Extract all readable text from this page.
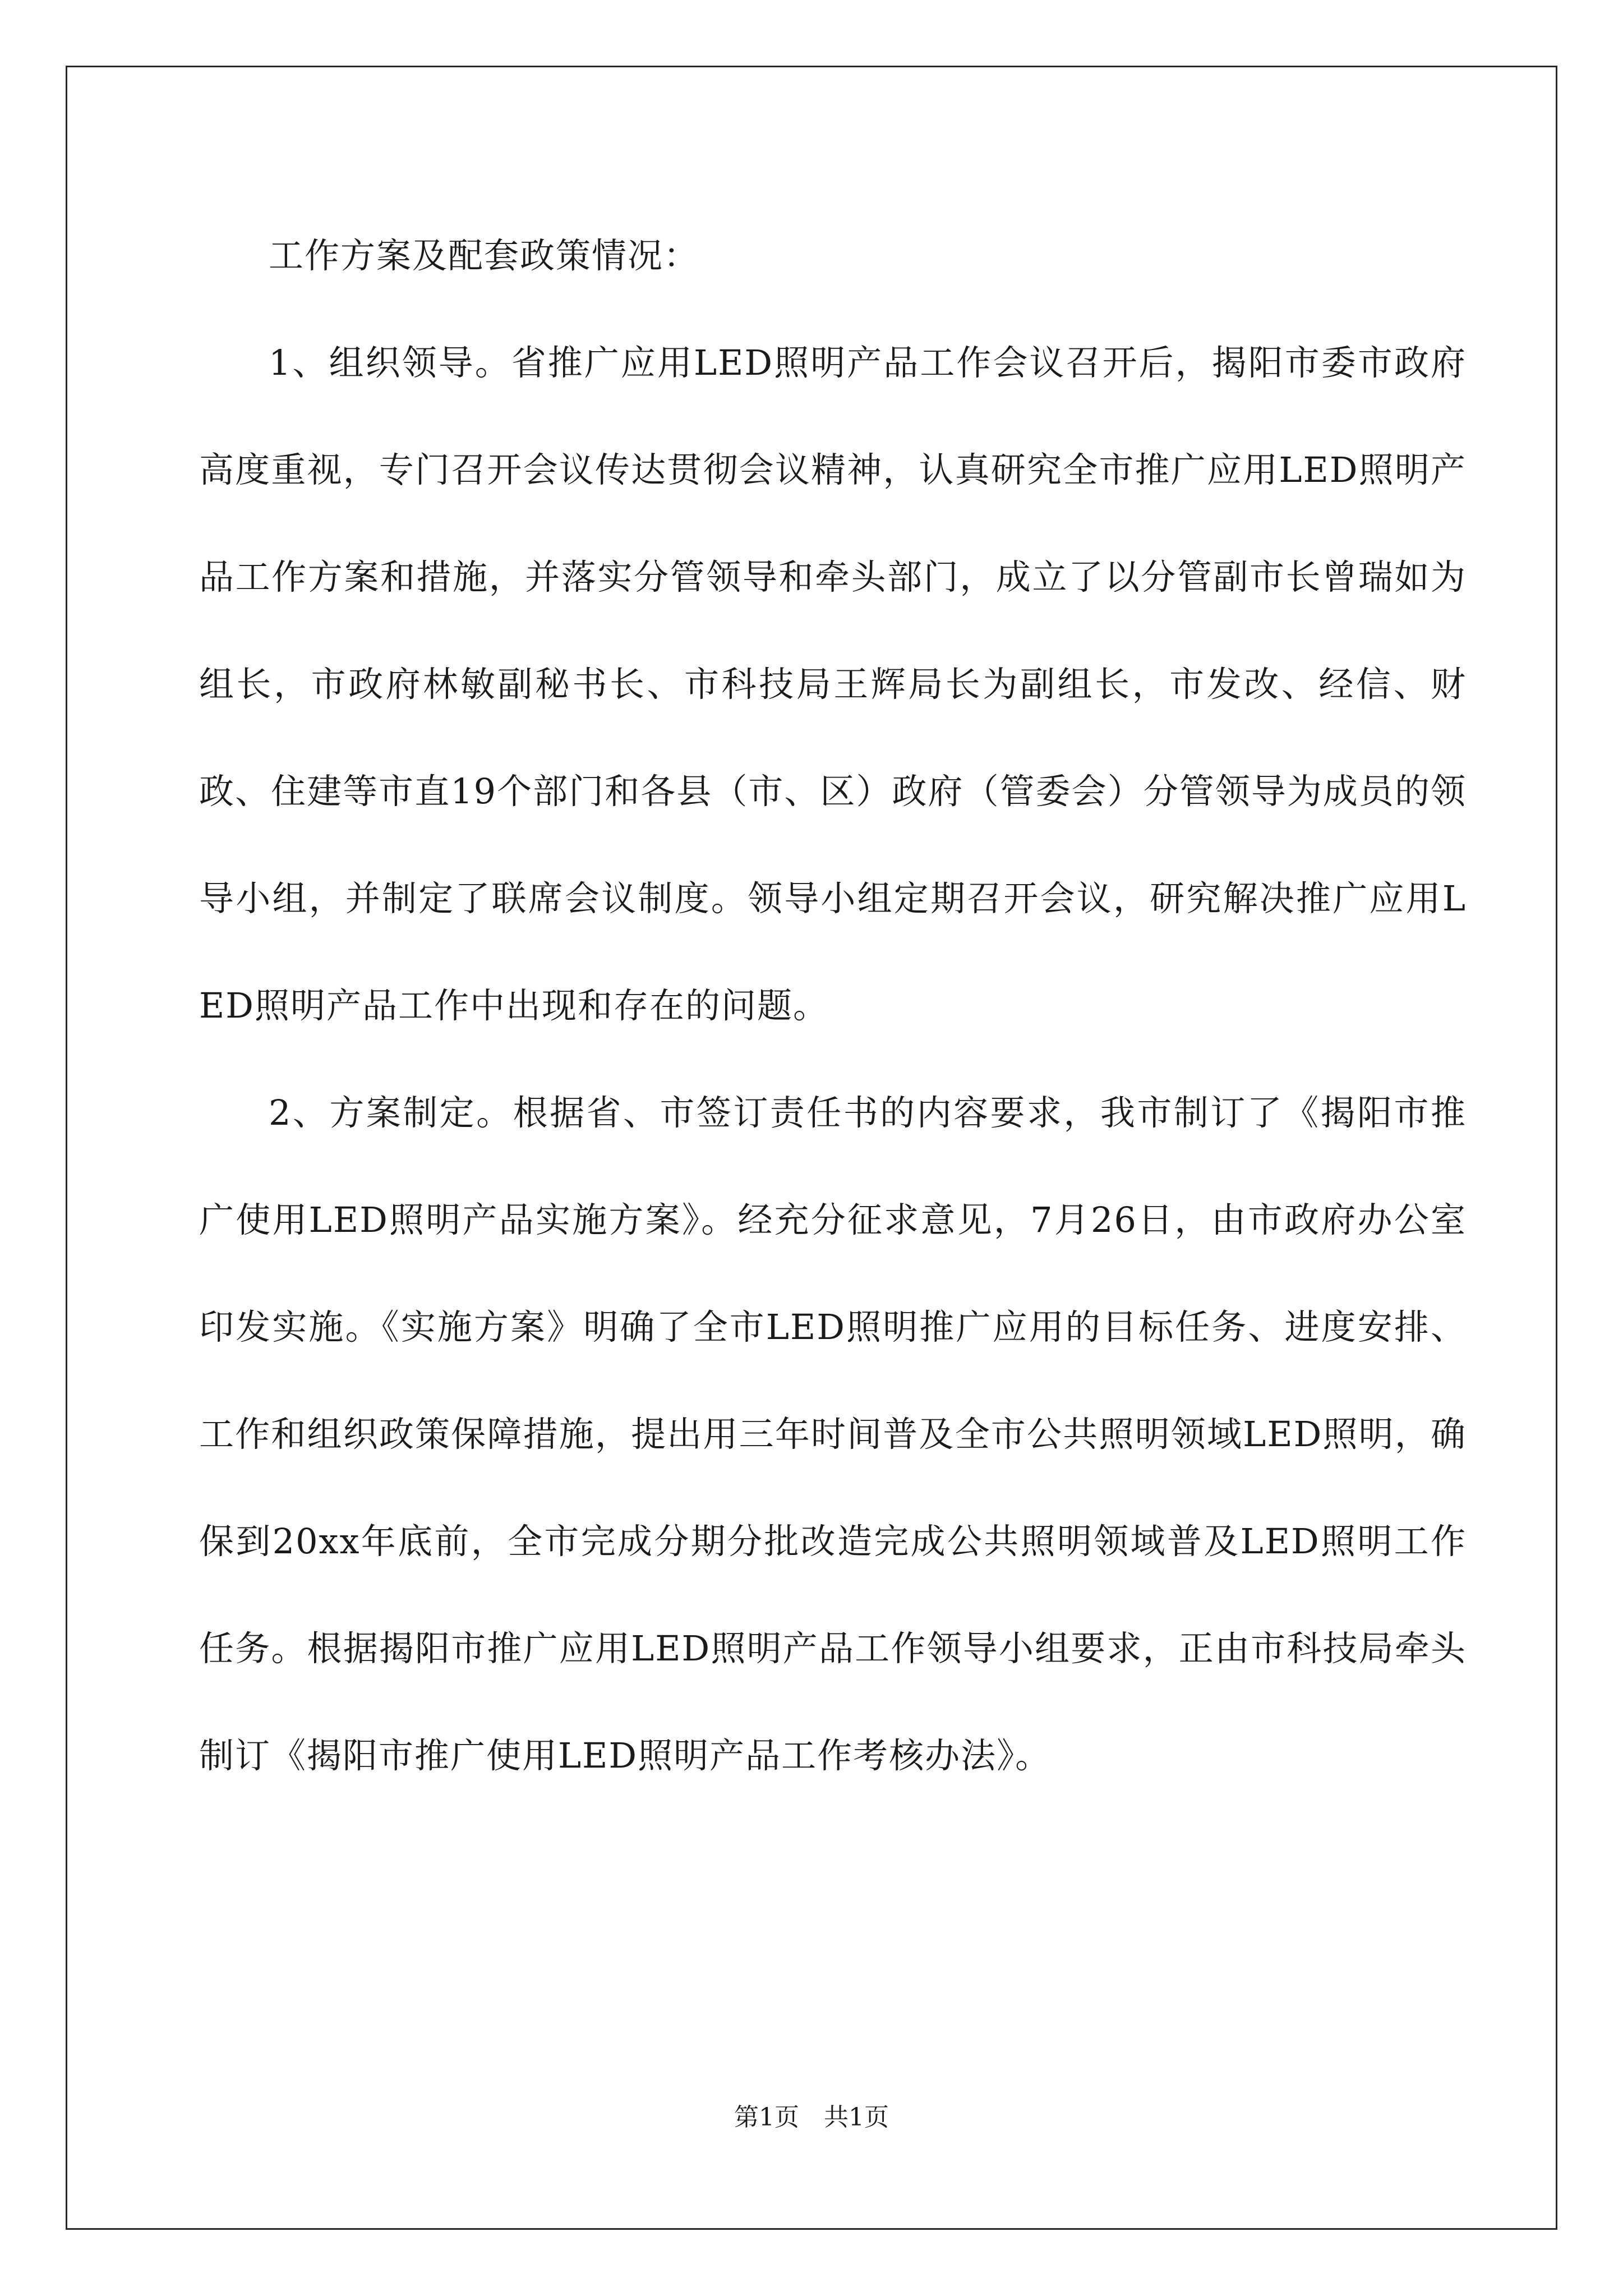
工作方案及配套政策情况：

1、组织领导。省推广应用LED照明产品工作会议召开后，揭阳市委市政府高度重视，专门召开会议传达贯彻会议精神，认真研究全市推广应用LED照明产品工作方案和措施，并落实分管领导和牵头部门，成立了以分管副市长曾瑞如为组长，市政府林敏副秘书长、市科技局王辉局长为副组长，市发改、经信、财政、住建等市直19个部门和各县（市、区）政府（管委会）分管领导为成员的领导小组，并制定了联席会议制度。领导小组定期召开会议，研究解决推广应用LED照明产品工作中出现和存在的问题。

2、方案制定。根据省、市签订责任书的内容要求，我市制订了《揭阳市推广使用LED照明产品实施方案》。经充分征求意见，7月26日，由市政府办公室印发实施。《实施方案》明确了全市LED照明推广应用的目标任务、进度安排、工作和组织政策保障措施，提出用三年时间普及全市公共照明领域LED照明，确保到20xx年底前，全市完成分期分批改造完成公共照明领域普及LED照明工作任务。根据揭阳市推广应用LED照明产品工作领导小组要求，正由市科技局牵头制订《揭阳市推广使用LED照明产品工作考核办法》。

第1页 共1页
